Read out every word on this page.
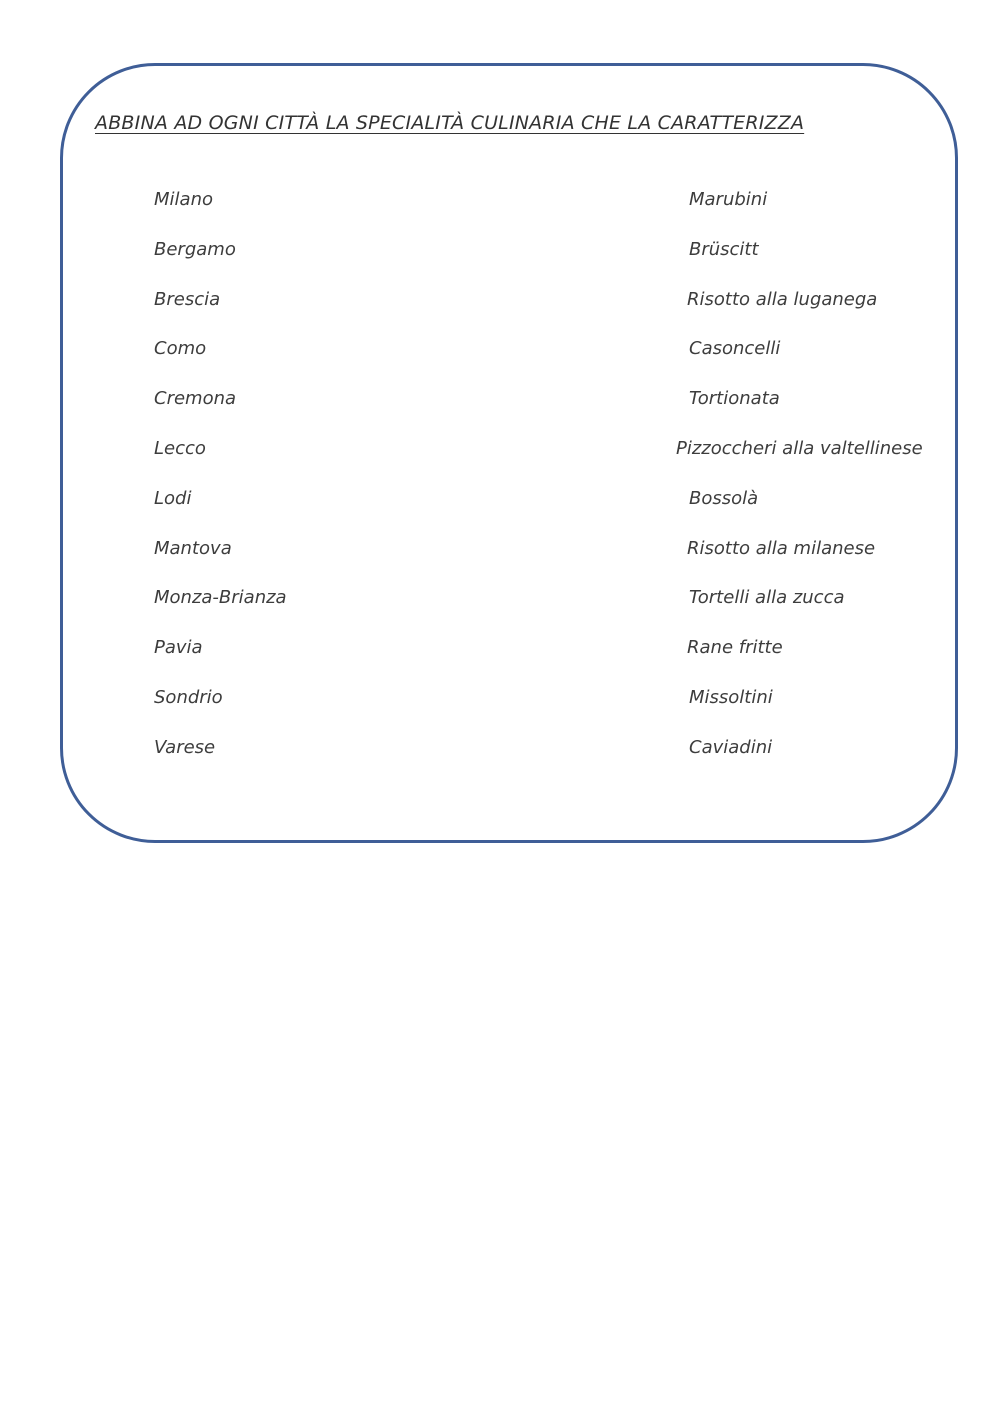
ABBINA AD OGNI CITTÀ LA SPECIALITÀ CULINARIA CHE LA CARATTERIZZA
Milano
Bergamo
Brescia
Como
Cremona
Lecco
Lodi
Mantova
Monza-Brianza
Pavia
Sondrio
Varese
Marubini
Brüscitt
Risotto alla luganega
Casoncelli
Tortionata
Pizzoccheri alla valtellinese
Bossolà
Risotto alla milanese
Tortelli alla zucca
Rane fritte
Missoltini
Caviadini
